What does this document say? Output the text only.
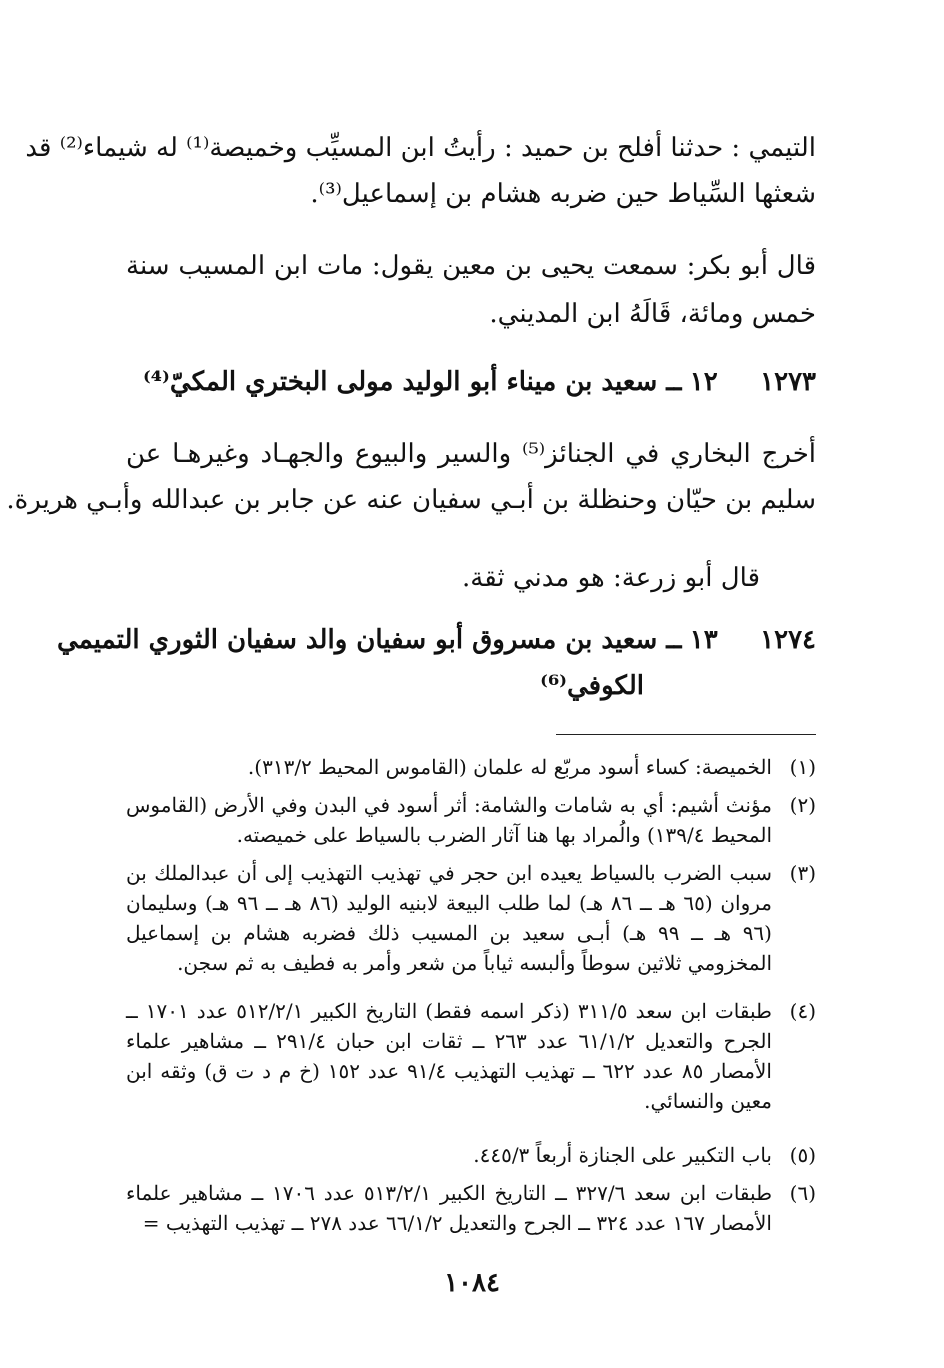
التيمي : حدثنا أفلح بن حميد : رأيتُ ابن المسيِّب وخميصة⁽¹⁾ له شيماء⁽²⁾ قد
شعثها السِّياط حين ضربه هشام بن إسماعيل⁽³⁾.
قال أبو بكر: سمعت يحيى بن معين يقول: مات ابن المسيب سنة
خمس ومائة، قَالَهُ ابن المديني.
١٢٧٣ ١٢ ــ سعيد بن ميناء أبو الوليد مولى البختري المكيّ⁽⁴⁾
أخرج البخاري في الجنائز⁽⁵⁾ والسير والبيوع والجهـاد وغيرهـا عن
سليم بن حيّان وحنظلة بن أبـي سفيان عنه عن جابر بن عبدالله وأبـي هريرة.
قال أبو زرعة: هو مدني ثقة.
١٢٧٤ ١٣ ــ سعيد بن مسروق أبو سفيان والد سفيان الثوري التميمي
الكوفي⁽⁶⁾
(١)
الخميصة: كساء أسود مربّع له علمان (القاموس المحيط ٣١٣/٢).
(٢)
مؤنث أشيم: أي به شامات والشامة: أثر أسود في البدن وفي الأرض (القاموس المحيط ١٣٩/٤) والُمراد بها هنا آثار الضرب بالسياط على خميصته.
(٣)
سبب الضرب بالسياط يعيده ابن حجر في تهذيب التهذيب إلى أن عبدالملك بن مروان (٦٥ هـ ــ ٨٦ هـ) لما طلب البيعة لابنيه الوليد (٨٦ هـ ــ ٩٦ هـ) وسليمان (٩٦ هـ ــ ٩٩ هـ) أبـى سعيد بن المسيب ذلك فضربه هشام بن إسماعيل المخزومي ثلاثين سوطاً وألبسه ثياباً من شعر وأمر به فطيف به ثم سجن.
(٤)
طبقات ابن سعد ٣١١/٥ (ذكر اسمه فقط) التاريخ الكبير ٥١٢/٢/١ عدد ١٧٠١ ــ الجرح والتعديل ٦١/١/٢ عدد ٢٦٣ ــ ثقات ابن حبان ٢٩١/٤ ــ مشاهير علماء الأمصار ٨٥ عدد ٦٢٢ ــ تهذيب التهذيب ٩١/٤ عدد ١٥٢ (خ م د ت ق) وثقه ابن معين والنسائي.
(٥)
باب التكبير على الجنازة أربعاً ٤٤٥/٣.
(٦)
طبقات ابن سعد ٣٢٧/٦ ــ التاريخ الكبير ٥١٣/٢/١ عدد ١٧٠٦ ــ مشاهير علماء الأمصار ١٦٧ عدد ٣٢٤ ــ الجرح والتعديل ٦٦/١/٢ عدد ٢٧٨ ــ تهذيب التهذيب =
١٠٨٤
